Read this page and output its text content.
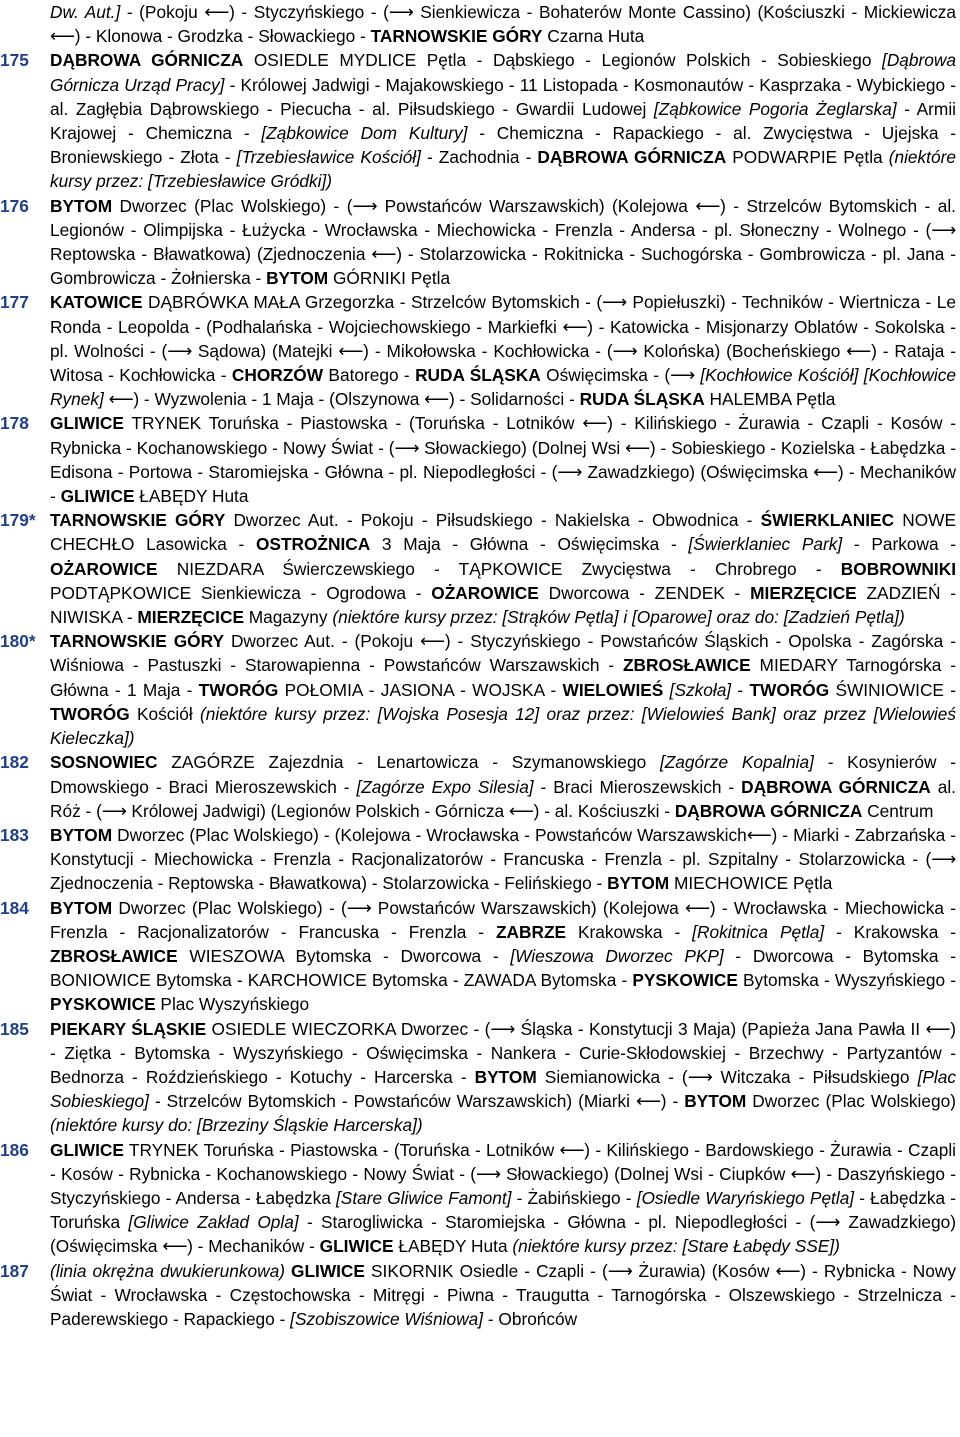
Dw. Aut.] - (Pokoju ⟵) - Styczyńskiego - (⟶ Sienkiewicza - Bohaterów Monte Cassino) (Kościuszki - Mickiewicza ⟵) - Klonowa - Grodzka - Słowackiego - TARNOWSKIE GÓRY Czarna Huta
175	DĄBROWA GÓRNICZA OSIEDLE MYDLICE Pętla - Dąbskiego - Legionów Polskich - Sobieskiego [Dąbrowa Górnicza Urząd Pracy] - Królowej Jadwigi - Majakowskiego - 11 Listopada - Kosmonautów - Kasprzaka - Wybickiego - al. Zagłębia Dąbrowskiego - Piecucha - al. Piłsudskiego - Gwardii Ludowej [Ząbkowice Pogoria Żeglarska] - Armii Krajowej - Chemiczna - [Ząbkowice Dom Kultury] - Chemiczna - Rapackiego - al. Zwycięstwa - Ujejska - Broniewskiego - Złota - [Trzebiesławice Kościół] - Zachodnia - DĄBROWA GÓRNICZA PODWARPIE Pętla (niektóre kursy przez: [Trzebiesławice Gródki])
176	BYTOM Dworzec (Plac Wolskiego) - (⟶ Powstańców Warszawskich) (Kolejowa ⟵) - Strzelców Bytomskich - al. Legionów - Olimpijska - Łużycka - Wrocławska - Miechowicka - Frenzla - Andersa - pl. Słoneczny - Wolnego - (⟶ Reptowska - Bławatkowa) (Zjednoczenia ⟵) - Stolarzowicka - Rokitnicka - Suchogórska - Gombrowicza - pl. Jana - Gombrowicza - Żołnierska - BYTOM GÓRNIKI Pętla
177	KATOWICE DĄBRÓWKA MAŁA Grzegorzka - Strzelców Bytomskich - (⟶ Popiełuszki) - Techników - Wiertnicza - Le Ronda - Leopolda - (Podhalańska - Wojciechowskiego - Markiefki ⟵) - Katowicka - Misjonarzy Oblatów - Sokolska - pl. Wolności - (⟶ Sądowa) (Matejki ⟵) - Mikołowska - Kochłowicka - (⟶ Kolońska) (Bocheńskiego ⟵) - Rataja - Witosa - Kochłowicka - CHORZÓW Batorego - RUDA ŚLĄSKA Oświęcimska - (⟶ [Kochłowice Kościół] [Kochłowice Rynek] ⟵) - Wyzwolenia - 1 Maja - (Olszynowa ⟵) - Solidarności - RUDA ŚLĄSKA HALEMBA Pętla
178	GLIWICE TRYNEK Toruńska - Piastowska - (Toruńska - Lotników ⟵) - Kilińskiego - Żurawia - Czapli - Kosów - Rybnicka - Kochanowskiego - Nowy Świat - (⟶ Słowackiego) (Dolnej Wsi ⟵) - Sobieskiego - Kozielska - Łabędzka - Edisona - Portowa - Staromiejska - Główna - pl. Niepodległości - (⟶ Zawadzkiego) (Oświęcimska ⟵) - Mechaników - GLIWICE ŁABĘDY Huta
179* TARNOWSKIE GÓRY Dworzec Aut. - Pokoju - Piłsudskiego - Nakielska - Obwodnica - ŚWIERKLANIEC NOWE CHECHŁO Lasowicka - OSTROŻNICA 3 Maja - Główna - Oświęcimska - [Świerklaniec Park] - Parkowa - OŻAROWICE NIEZDARA Świerczewskiego - TĄPKOWICE Zwycięstwa - Chrobrego - BOBROWNIKI PODTĄPKOWICE Sienkiewicza - Ogrodowa - OŻAROWICE Dworcowa - ZENDEK - MIERZĘCICE ZADZIEŃ - NIWISKA - MIERZĘCICE Magazyny (niektóre kursy przez: [Strąków Pętla] i [Oparowe] oraz do: [Zadzień Pętla])
180* TARNOWSKIE GÓRY Dworzec Aut. - (Pokoju ⟵) - Styczyńskiego - Powstańców Śląskich - Opolska - Zagórska - Wiśniowa - Pastuszki - Starowapienna - Powstańców Warszawskich - ZBROSŁAWICE MIEDARY Tarnogórska - Główna - 1 Maja - TWORÓG POŁOMIA - JASIONA - WOJSKA - WIELOWIEŚ [Szkoła] - TWORÓG ŚWINIOWICE - TWORÓG Kościół (niektóre kursy przez: [Wojska Posesja 12] oraz przez: [Wielowieś Bank] oraz przez [Wielowieś Kieleczka])
182	SOSNOWIEC ZAGÓRZE Zajezdnia - Lenartowicza - Szymanowskiego [Zagórze Kopalnia] - Kosynierów - Dmowskiego - Braci Mieroszewskich - [Zagórze Expo Silesia] - Braci Mieroszewskich - DĄBROWA GÓRNICZA al. Róż - (⟶ Królowej Jadwigi) (Legionów Polskich - Górnicza ⟵) - al. Kościuszki - DĄBROWA GÓRNICZA Centrum
183	BYTOM Dworzec (Plac Wolskiego) - (Kolejowa - Wrocławska - Powstańców Warszawskich⟵) - Miarki - Zabrzańska - Konstytucji - Miechowicka - Frenzla - Racjonalizatorów - Francuska - Frenzla - pl. Szpitalny - Stolarzowicka - (⟶ Zjednoczenia - Reptowska - Bławatkowa) - Stolarzowicka - Felińskiego - BYTOM MIECHOWICE Pętla
184	BYTOM Dworzec (Plac Wolskiego) - (⟶ Powstańców Warszawskich) (Kolejowa ⟵) - Wrocławska - Miechowicka - Frenzla - Racjonalizatorów - Francuska - Frenzla - ZABRZE Krakowska - [Rokitnica Pętla] - Krakowska - ZBROSŁAWICE WIESZOWA Bytomska - Dworcowa - [Wieszowa Dworzec PKP] - Dworcowa - Bytomska - BONIOWICE Bytomska - KARCHOWICE Bytomska - ZAWADA Bytomska - PYSKOWICE Bytomska - Wyszyńskiego - PYSKOWICE Plac Wyszyńskiego
185	PIEKARY ŚLĄSKIE OSIEDLE WIECZORKA Dworzec - (⟶ Śląska - Konstytucji 3 Maja) (Papieża Jana Pawła II ⟵) - Ziętka - Bytomska - Wyszyńskiego - Oświęcimska - Nankera - Curie-Skłodowskiej - Brzechwy - Partyzantów - Bednorza - Roździeńskiego - Kotuchy - Harcerska - BYTOM Siemianowicka - (⟶ Witczaka - Piłsudskiego [Plac Sobieskiego] - Strzelców Bytomskich - Powstańców Warszawskich) (Miarki ⟵) - BYTOM Dworzec (Plac Wolskiego) (niektóre kursy do: [Brzeziny Śląskie Harcerska])
186	GLIWICE TRYNEK Toruńska - Piastowska - (Toruńska - Lotników ⟵) - Kilińskiego - Bardowskiego - Żurawia - Czapli - Kosów - Rybnicka - Kochanowskiego - Nowy Świat - (⟶ Słowackiego) (Dolnej Wsi - Ciupków ⟵) - Daszyńskiego - Styczyńskiego - Andersa - Łabędzka [Stare Gliwice Famont] - Żabińskiego - [Osiedle Waryńskiego Pętla] - Łabędzka - Toruńska [Gliwice Zakład Opla] - Starogliwicka - Staromiejska - Główna - pl. Niepodległości - (⟶ Zawadzkiego) (Oświęcimska ⟵) - Mechaników - GLIWICE ŁABĘDY Huta (niektóre kursy przez: [Stare Łabędy SSE])
187	(linia okrężna dwukierunkowa) GLIWICE SIKORNIK Osiedle - Czapli - (⟶ Żurawia) (Kosów ⟵) - Rybnicka - Nowy Świat - Wrocławska - Częstochowska - Mitręgi - Piwna - Traugutta - Tarnogórska - Olszewskiego - Strzelnicza - Paderewskiego - Rapackiego - [Szobiszowice Wiśniowa] - Obrońców
